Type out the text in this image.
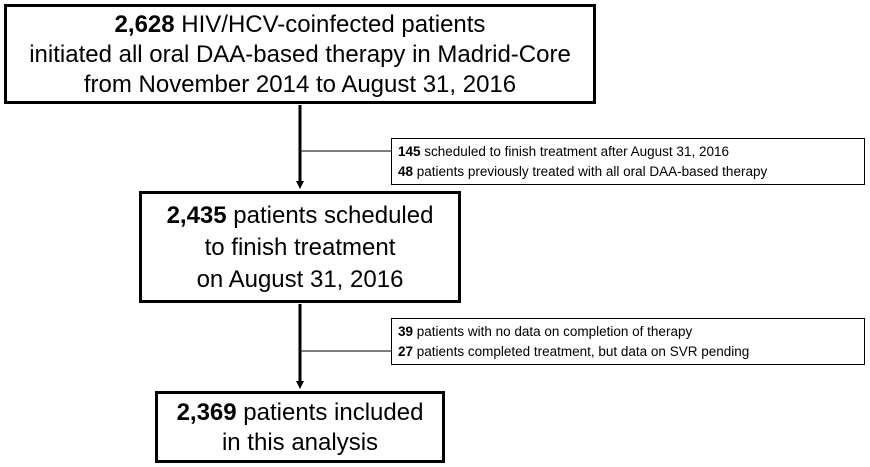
2,628 HIV/HCV-coinfected patients
initiated all oral DAA-based therapy in Madrid-Core
from November 2014 to August 31, 2016
145 scheduled to finish treatment after August 31, 2016
48 patients previously treated with all oral DAA-based therapy
2,435 patients scheduled
to finish treatment
on August 31, 2016
39 patients with no data on completion of therapy
27 patients completed treatment, but data on SVR pending
2,369 patients included
in this analysis
